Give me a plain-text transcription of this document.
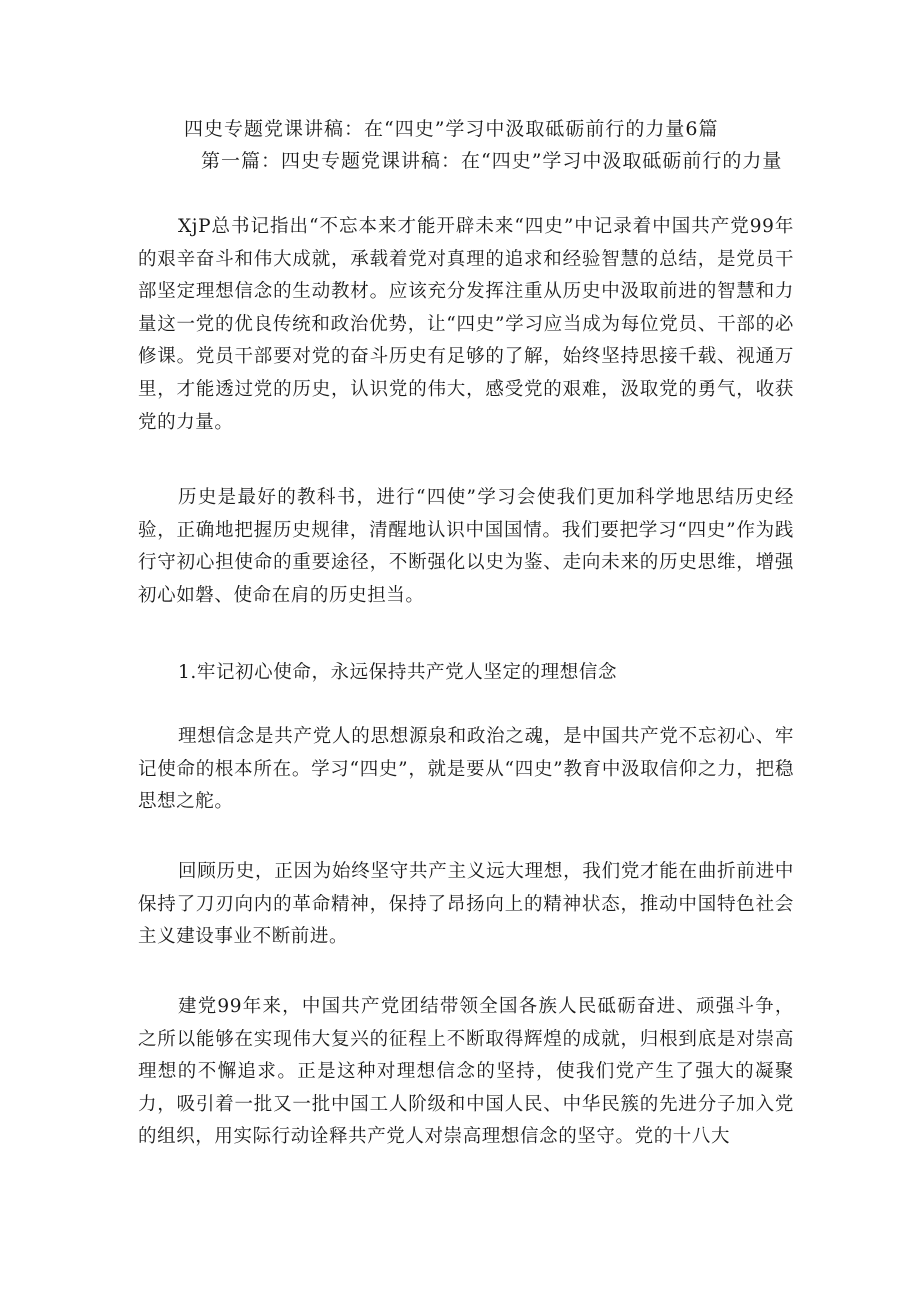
四史专题党课讲稿：在“四史”学习中汲取砥砺前行的力量6篇
第一篇：四史专题党课讲稿：在“四史”学习中汲取砥砺前行的力量

XjP总书记指出“不忘本来才能开辟未来“四史”中记录着中国共产党99年的艰辛奋斗和伟大成就，承载着党对真理的追求和经验智慧的总结，是党员干部坚定理想信念的生动教材。应该充分发挥注重从历史中汲取前进的智慧和力量这一党的优良传统和政治优势，让“四史”学习应当成为每位党员、干部的必修课。党员干部要对党的奋斗历史有足够的了解，始终坚持思接千载、视通万里，才能透过党的历史，认识党的伟大，感受党的艰难，汲取党的勇气，收获党的力量。

历史是最好的教科书，进行“四使”学习会使我们更加科学地思结历史经验，正确地把握历史规律，清醒地认识中国国情。我们要把学习“四史”作为践行守初心担使命的重要途径，不断强化以史为鉴、走向未来的历史思维，增强初心如磐、使命在肩的历史担当。

1.牢记初心使命，永远保持共产党人坚定的理想信念

理想信念是共产党人的思想源泉和政治之魂，是中国共产党不忘初心、牢记使命的根本所在。学习“四史”，就是要从“四史”教育中汲取信仰之力，把稳思想之舵。

回顾历史，正因为始终坚守共产主义远大理想，我们党才能在曲折前进中保持了刀刃向内的革命精神，保持了昂扬向上的精神状态，推动中国特色社会主义建设事业不断前进。

建党99年来，中国共产党团结带领全国各族人民砥砺奋进、顽强斗争，之所以能够在实现伟大复兴的征程上不断取得辉煌的成就，归根到底是对崇高理想的不懈追求。正是这种对理想信念的坚持，使我们党产生了强大的凝聚力，吸引着一批又一批中国工人阶级和中国人民、中华民簇的先进分子加入党的组织，用实际行动诠释共产党人对崇高理想信念的坚守。党的十八大
